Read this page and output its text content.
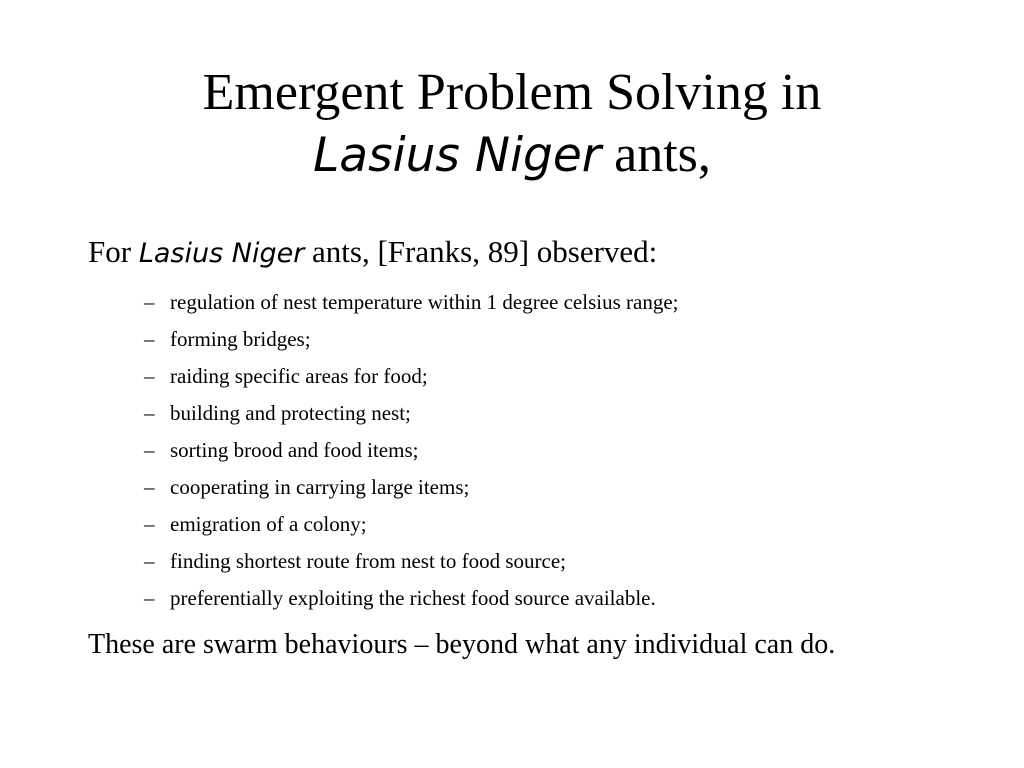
Emergent Problem Solving in
Lasius Niger ants,

For Lasius Niger ants, [Franks, 89] observed:

– regulation of nest temperature within 1 degree celsius range;
– forming bridges;
– raiding specific areas for food;
– building and protecting nest;
– sorting brood and food items;
– cooperating in carrying large items;
– emigration of a colony;
– finding shortest route from nest to food source;
– preferentially exploiting the richest food source available.

These are swarm behaviours – beyond what any individual can do.
